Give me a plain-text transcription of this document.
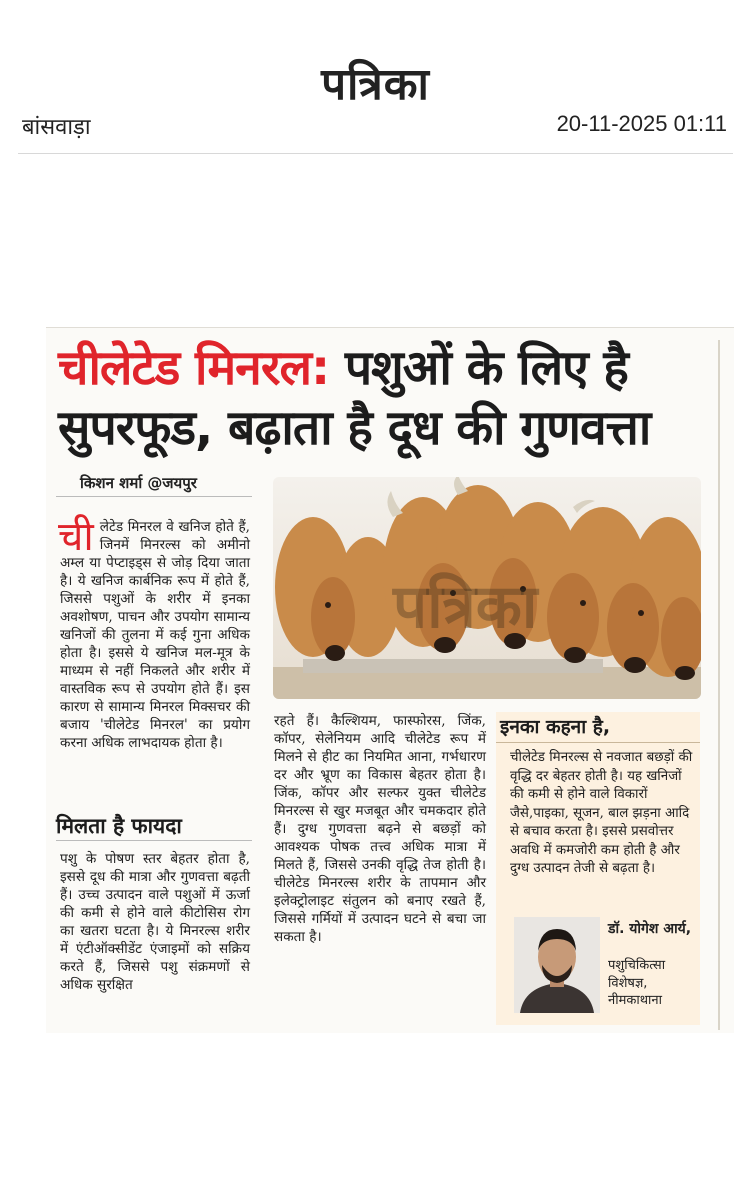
पत्रिका
बांसवाड़ा	20-11-2025 01:11
चीलेटेड मिनरल: पशुओं के लिए है सुपरफूड, बढ़ाता है दूध की गुणवत्ता
किशन शर्मा @जयपुर
ची लेटेड मिनरल वे खनिज होते हैं, जिनमें मिनरल्स को अमीनो अम्ल या पेप्टाइड्स से जोड़ दिया जाता है। ये खनिज कार्बनिक रूप में होते हैं, जिससे पशुओं के शरीर में इनका अवशोषण, पाचन और उपयोग सामान्य खनिजों की तुलना में कई गुना अधिक होता है। इससे ये खनिज मल-मूत्र के माध्यम से नहीं निकलते और शरीर में वास्तविक रूप से उपयोग होते हैं। इस कारण से सामान्य मिनरल मिक्सचर की बजाय 'चीलेटेड मिनरल' का प्रयोग करना अधिक लाभदायक होता है।
मिलता है फायदा
पशु के पोषण स्तर बेहतर होता है, इससे दूध की मात्रा और गुणवत्ता बढ़ती हैं। उच्च उत्पादन वाले पशुओं में ऊर्जा की कमी से होने वाले कीटोसिस रोग का खतरा घटता है। ये मिनरल्स शरीर में एंटीऑक्सीडेंट एंजाइमों को सक्रिय करते हैं, जिससे पशु संक्रमणों से अधिक सुरक्षित
पत्रिका
रहते हैं। कैल्शियम, फास्फोरस, जिंक, कॉपर, सेलेनियम आदि चीलेटेड रूप में मिलने से हीट का नियमित आना, गर्भधारण दर और भ्रूण का विकास बेहतर होता है। जिंक, कॉपर और सल्फर युक्त चीलेटेड मिनरल्स से खुर मजबूत और चमकदार होते हैं। दुग्ध गुणवत्ता बढ़ने से बछड़ों को आवश्यक पोषक तत्त्व अधिक मात्रा में मिलते हैं, जिससे उनकी वृद्धि तेज होती है। चीलेटेड मिनरल्स शरीर के तापमान और इलेक्ट्रोलाइट संतुलन को बनाए रखते हैं, जिससे गर्मियों में उत्पादन घटने से बचा जा सकता है।
इनका कहना है,
चीलेटेड मिनरल्स से नवजात बछड़ों की वृद्धि दर बेहतर होती है। यह खनिजों की कमी से होने वाले विकारों जैसे,पाइका, सूजन, बाल झड़ना आदि से बचाव करता है। इससे प्रसवोत्तर अवधि में कमजोरी कम होती है और दुग्ध उत्पादन तेजी से बढ़ता है।
डॉ. योगेश आर्य,
पशुचिकित्सा विशेषज्ञ, नीमकाथाना
